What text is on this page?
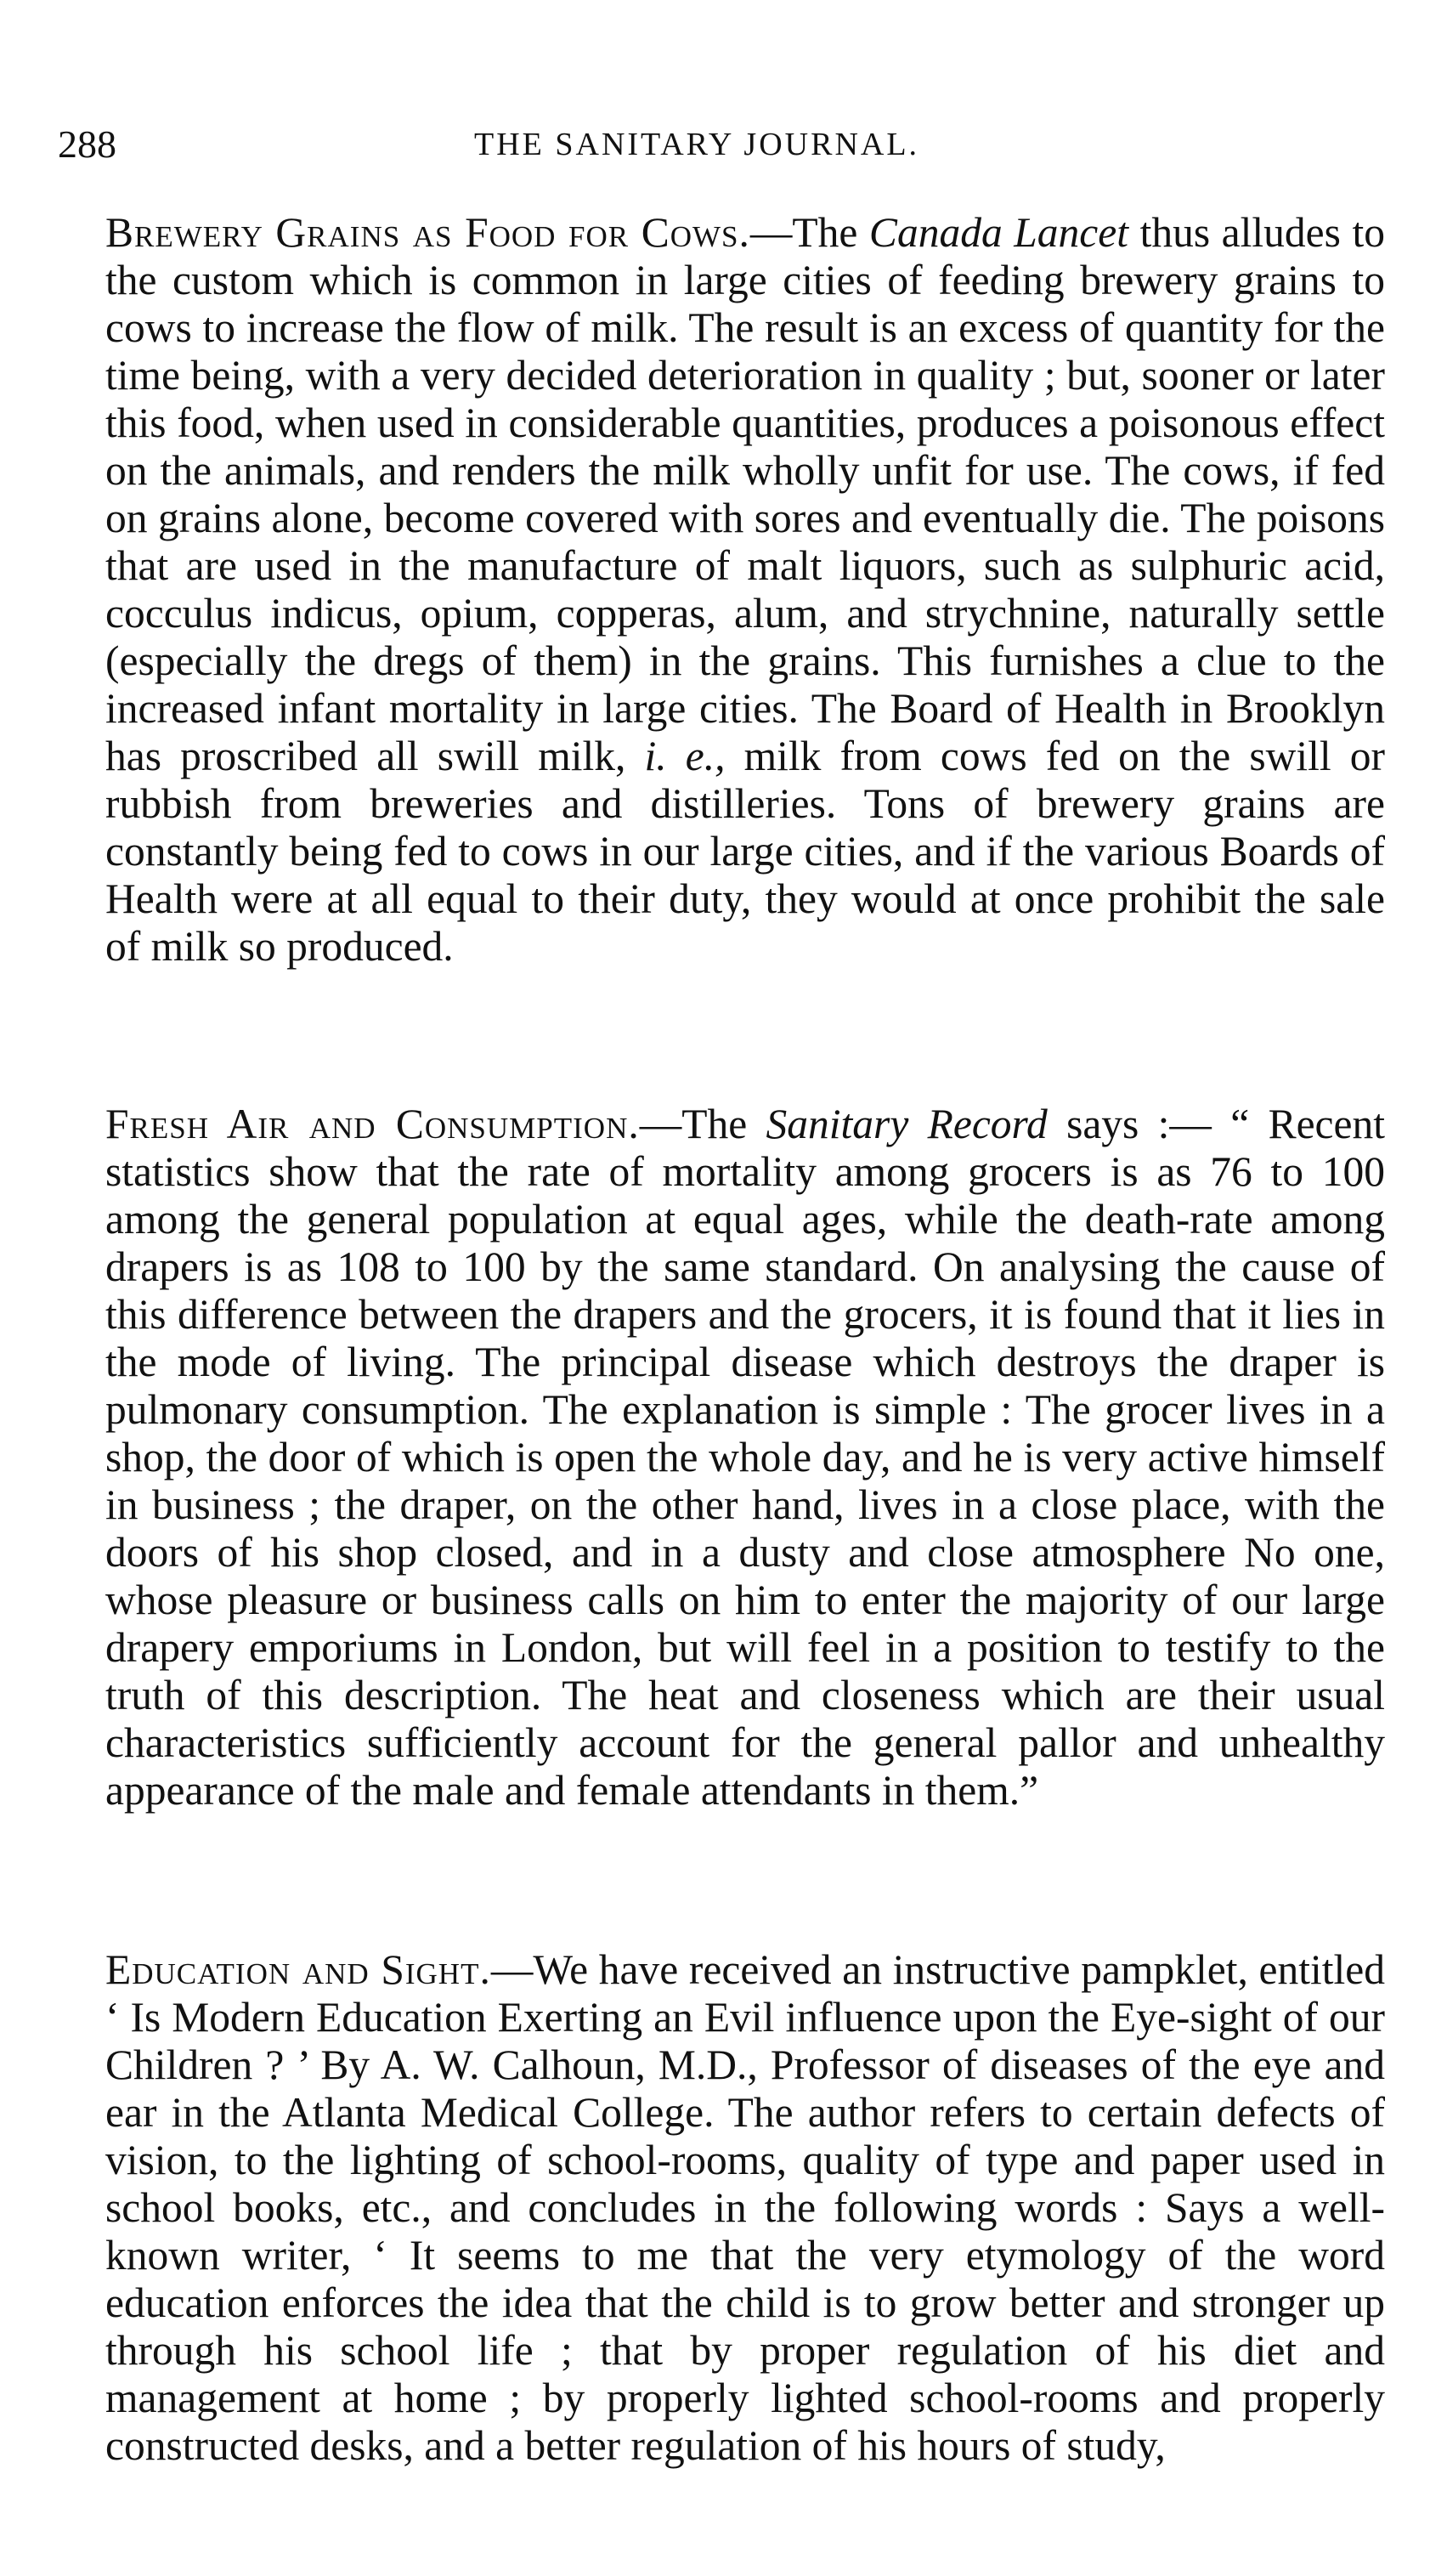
288	THE SANITARY JOURNAL.

Brewery Grains as Food for Cows.—The Canada Lancet thus alludes to the custom which is common in large cities of feeding brewery grains to cows to increase the flow of milk. The result is an excess of quantity for the time being, with a very decided deterioration in quality ; but, sooner or later this food, when used in considerable quantities, produces a poisonous effect on the animals, and renders the milk wholly unfit for use. The cows, if fed on grains alone, become covered with sores and eventually die. The poisons that are used in the manufacture of malt liquors, such as sulphuric acid, cocculus indicus, opium, copperas, alum, and strychnine, naturally settle (especially the dregs of them) in the grains. This furnishes a clue to the increased infant mortality in large cities. The Board of Health in Brooklyn has proscribed all swill milk, i. e., milk from cows fed on the swill or rubbish from breweries and distilleries. Tons of brewery grains are constantly being fed to cows in our large cities, and if the various Boards of Health were at all equal to their duty, they would at once prohibit the sale of milk so produced.

Fresh Air and Consumption.—The Sanitary Record says :— “ Recent statistics show that the rate of mortality among grocers is as 76 to 100 among the general population at equal ages, while the death-rate among drapers is as 108 to 100 by the same standard. On analysing the cause of this difference between the drapers and the grocers, it is found that it lies in the mode of living. The principal disease which destroys the draper is pulmonary consumption. The explanation is simple : The grocer lives in a shop, the door of which is open the whole day, and he is very active himself in business ; the draper, on the other hand, lives in a close place, with the doors of his shop closed, and in a dusty and close atmosphere No one, whose pleasure or business calls on him to enter the majority of our large drapery emporiums in London, but will feel in a position to testify to the truth of this description. The heat and closeness which are their usual characteristics sufficiently account for the general pallor and unhealthy appearance of the male and female attendants in them.”

Education and Sight.—We have received an instructive pampklet, entitled ‘ Is Modern Education Exerting an Evil influence upon the Eye-sight of our Children ? ’ By A. W. Calhoun, M.D., Professor of diseases of the eye and ear in the Atlanta Medical College. The author refers to certain defects of vision, to the lighting of school-rooms, quality of type and paper used in school books, etc., and concludes in the following words : Says a well-known writer, ‘ It seems to me that the very etymology of the word education enforces the idea that the child is to grow better and stronger up through his school life ; that by proper regulation of his diet and management at home ; by properly lighted school-rooms and properly constructed desks, and a better regulation of his hours of study,
